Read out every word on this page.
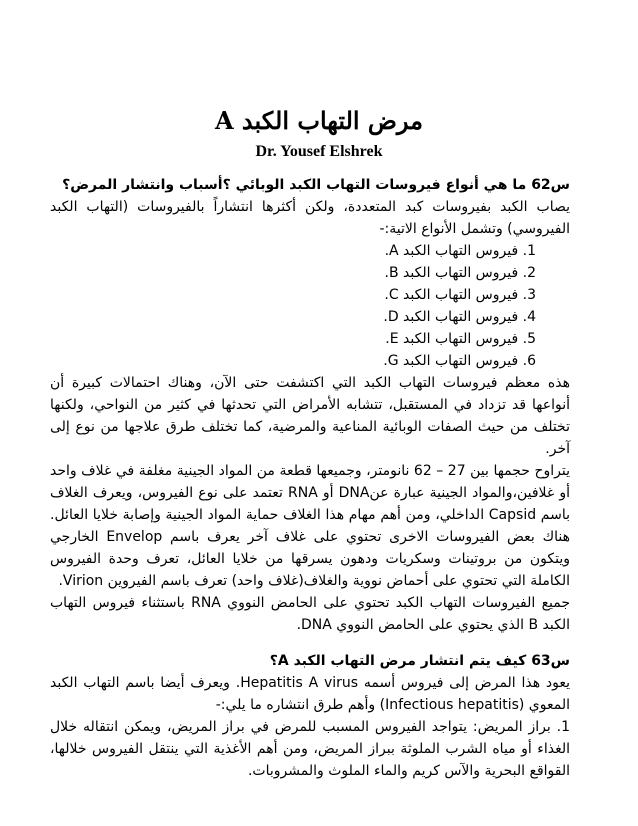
مرض التهاب الكبد A
Dr. Yousef Elshrek

س62 ما هي أنواع فيروسات التهاب الكبد الوبائي ؟أسباب وانتشار المرض؟

يصاب الكبد بفيروسات كبد المتعددة، ولكن أكثرها انتشاراً بالفيروسات (التهاب الكبد الفيروسي) وتشمل الأنواع الاتية:-

1. فيروس التهاب الكبد A.
2. فيروس التهاب الكبد B.
3. فيروس التهاب الكبد C.
4. فيروس التهاب الكبد D.
5. فيروس التهاب الكبد E.
6. فيروس التهاب الكبد G.

هذه معظم فيروسات التهاب الكبد التي اكتشفت حتى الآن، وهناك احتمالات كبيرة أن أنواعها قد تزداد في المستقبل، تتشابه الأمراض التي تحدثها في كثير من النواحي، ولكنها تختلف من حيث الصفات الوبائية المناعية والمرضية، كما تختلف طرق علاجها من نوع إلى آخر.

يتراوح حجمها بين 27 – 62 نانومتر، وجميعها قطعة من المواد الجينية مغلفة في غلاف واحد أو غلافين،والمواد الجينية عبارة عنDNA أو RNA تعتمد على نوع الفيروس، ويعرف الغلاف باسم Capsid الداخلي، ومن أهم مهام هذا الغلاف حماية المواد الجينية وإصابة خلايا العائل. هناك بعض الفيروسات الاخرى تحتوي على غلاف آخر يعرف باسم Envelop الخارجي ويتكون من بروتينات وسكريات ودهون يسرقها من خلايا العائل، تعرف وحدة الفيروس الكاملة التي تحتوي على أحماض نووية والغلاف(غلاف واحد) تعرف باسم الفيروين Virion.

جميع الفيروسات التهاب الكبد تحتوي على الحامض النووي RNA باستثناء فيروس التهاب الكبد B الذي يحتوي على الحامض النووي DNA.

س63 كيف يتم انتشار مرض التهاب الكبد A؟

يعود هذا المرض إلى فيروس أسمه Hepatitis A virus. ويعرف أيضا باسم التهاب الكبد المعوي (Infectious hepatitis) وأهم طرق انتشاره ما يلي:-

1. براز المريض: يتواجد الفيروس المسبب للمرض في براز المريض، ويمكن انتقاله خلال الغذاء أو مياه الشرب الملوثة ببراز المريض، ومن أهم الأغذية التي ينتقل الفيروس خلالها، القواقع البحرية والآس كريم والماء الملوث والمشروبات.
